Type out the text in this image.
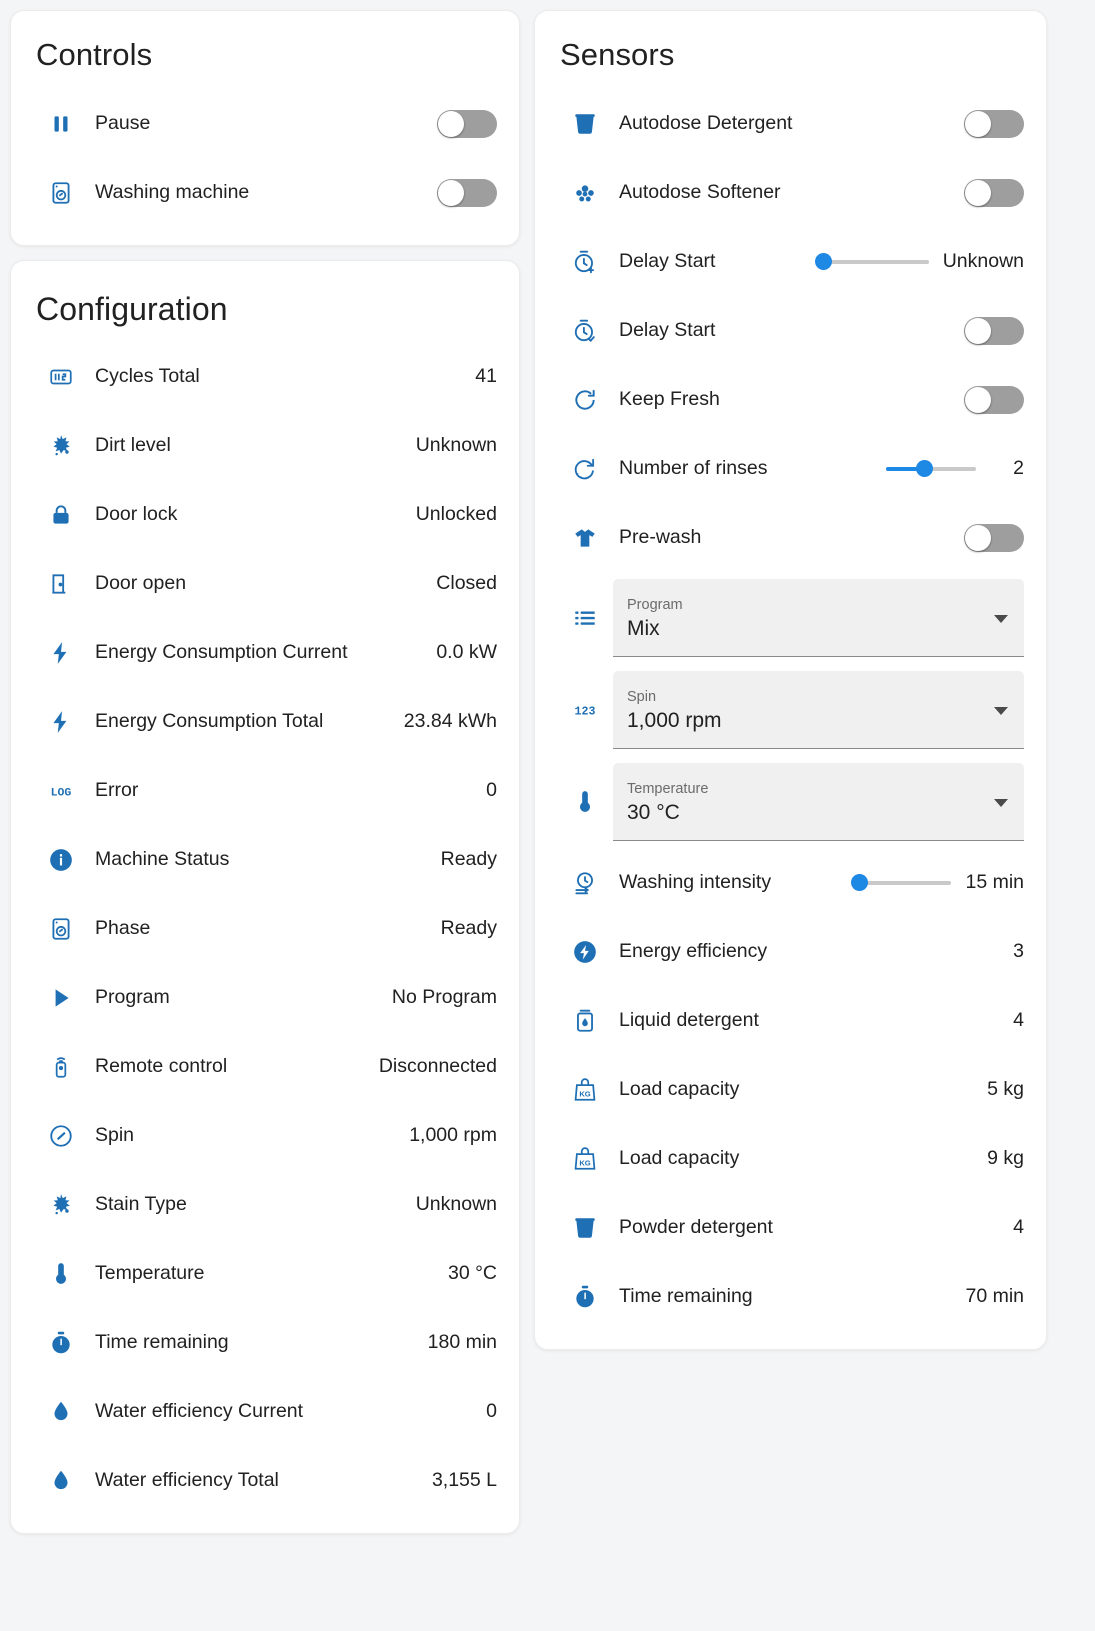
Controls
Pause
Washing machine
Configuration
Cycles Total	41
Dirt level	Unknown
Door lock	Unlocked
Door open	Closed
Energy Consumption Current	0.0 kW
Energy Consumption Total	23.84 kWh
LOG	Error	0
Machine Status	Ready
Phase	Ready
Program	No Program
Remote control	Disconnected
Spin	1,000 rpm
Stain Type	Unknown
Temperature	30 °C
Time remaining	180 min
Water efficiency Current	0
Water efficiency Total	3,155 L
Sensors
Autodose Detergent
Autodose Softener
Delay Start	Unknown
Delay Start
Keep Fresh
Number of rinses	2
Pre-wash
Program
Mix
123
Spin
1,000 rpm
Temperature
30 °C
Washing intensity	15 min
Energy efficiency	3
Liquid detergent	4
KG	Load capacity	5 kg
KG	Load capacity	9 kg
Powder detergent	4
Time remaining	70 min
